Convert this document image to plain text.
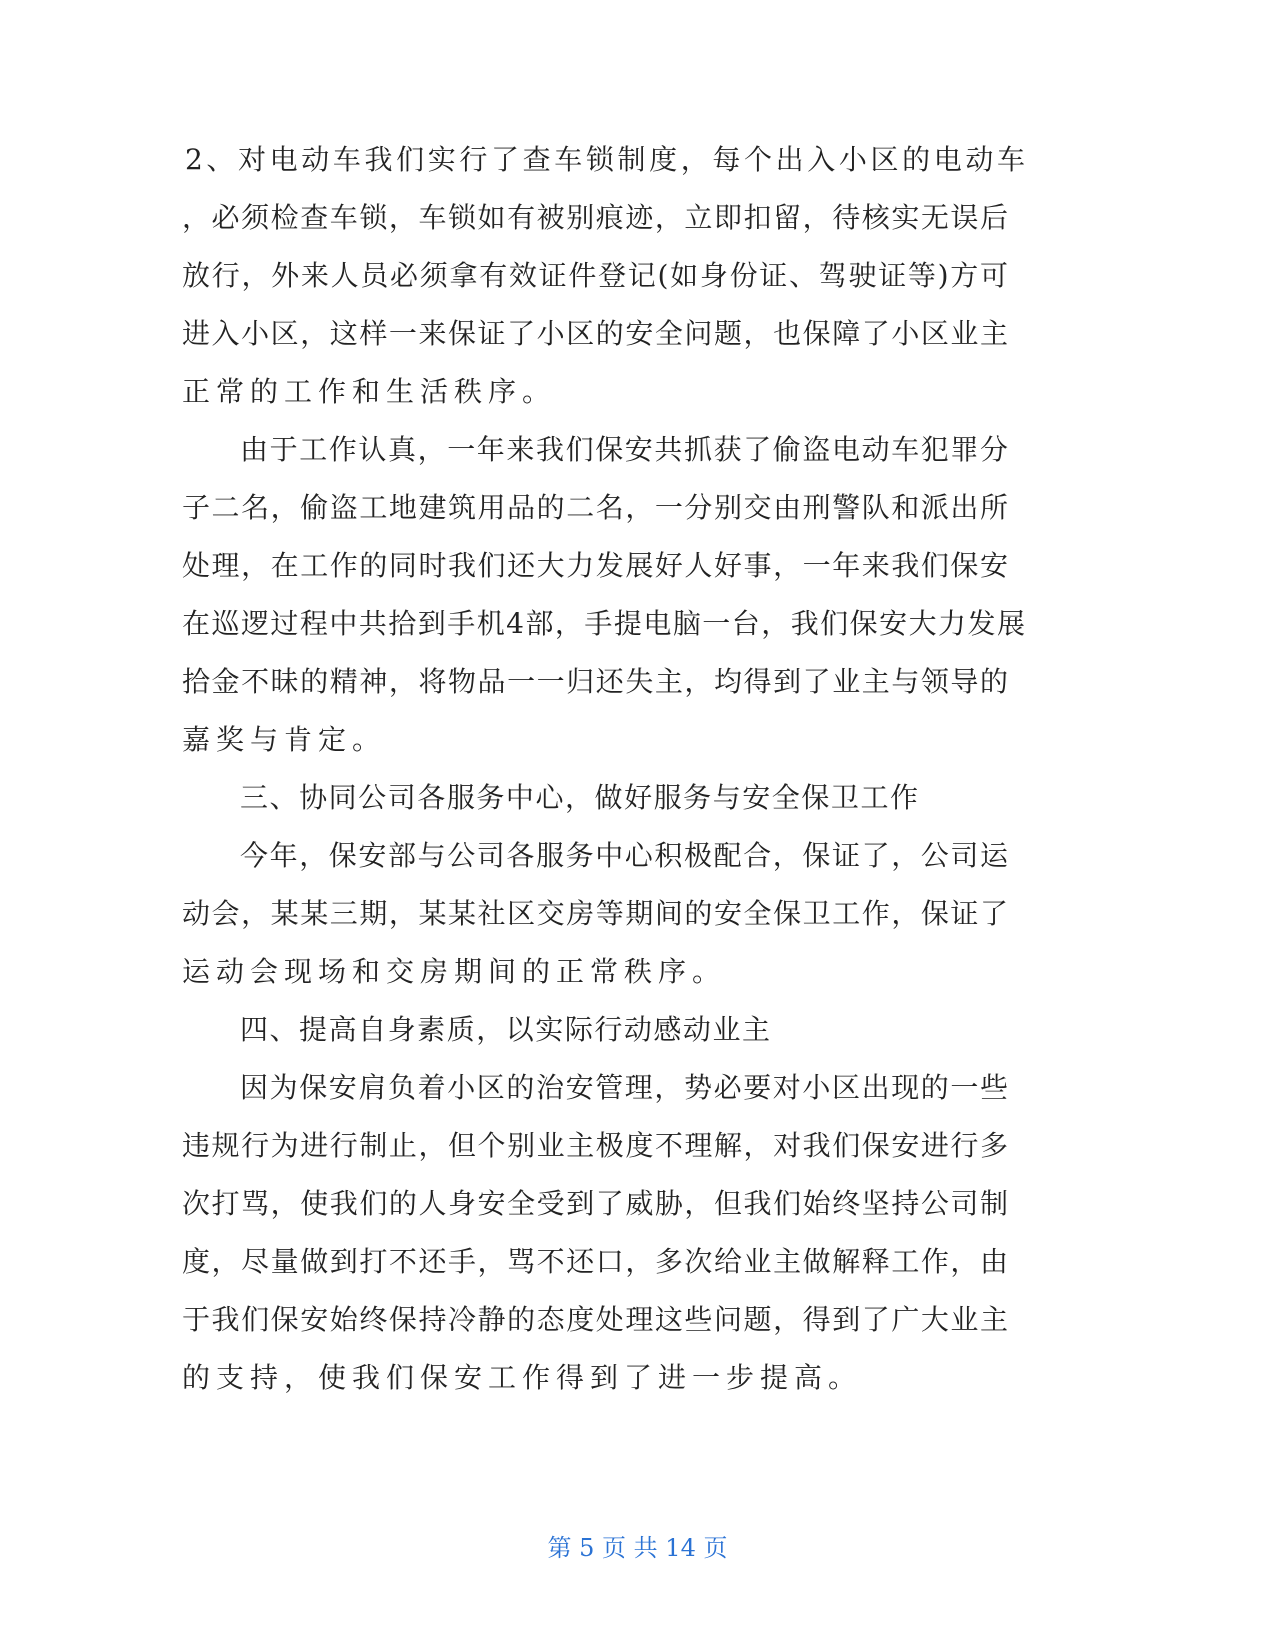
2、对电动车我们实行了查车锁制度，每个出入小区的电动车
，必须检查车锁，车锁如有被别痕迹，立即扣留，待核实无误后
放行，外来人员必须拿有效证件登记(如身份证、驾驶证等)方可
进入小区，这样一来保证了小区的安全问题，也保障了小区业主
正常的工作和生活秩序。
由于工作认真，一年来我们保安共抓获了偷盗电动车犯罪分
子二名，偷盗工地建筑用品的二名，一分别交由刑警队和派出所
处理，在工作的同时我们还大力发展好人好事，一年来我们保安
在巡逻过程中共拾到手机4部，手提电脑一台，我们保安大力发展
拾金不昧的精神，将物品一一归还失主，均得到了业主与领导的
嘉奖与肯定。
三、协同公司各服务中心，做好服务与安全保卫工作
今年，保安部与公司各服务中心积极配合，保证了，公司运
动会，某某三期，某某社区交房等期间的安全保卫工作，保证了
运动会现场和交房期间的正常秩序。
四、提高自身素质，以实际行动感动业主
因为保安肩负着小区的治安管理，势必要对小区出现的一些
违规行为进行制止，但个别业主极度不理解，对我们保安进行多
次打骂，使我们的人身安全受到了威胁，但我们始终坚持公司制
度，尽量做到打不还手，骂不还口，多次给业主做解释工作，由
于我们保安始终保持冷静的态度处理这些问题，得到了广大业主
的支持，使我们保安工作得到了进一步提高。
第 5 页 共 14 页
